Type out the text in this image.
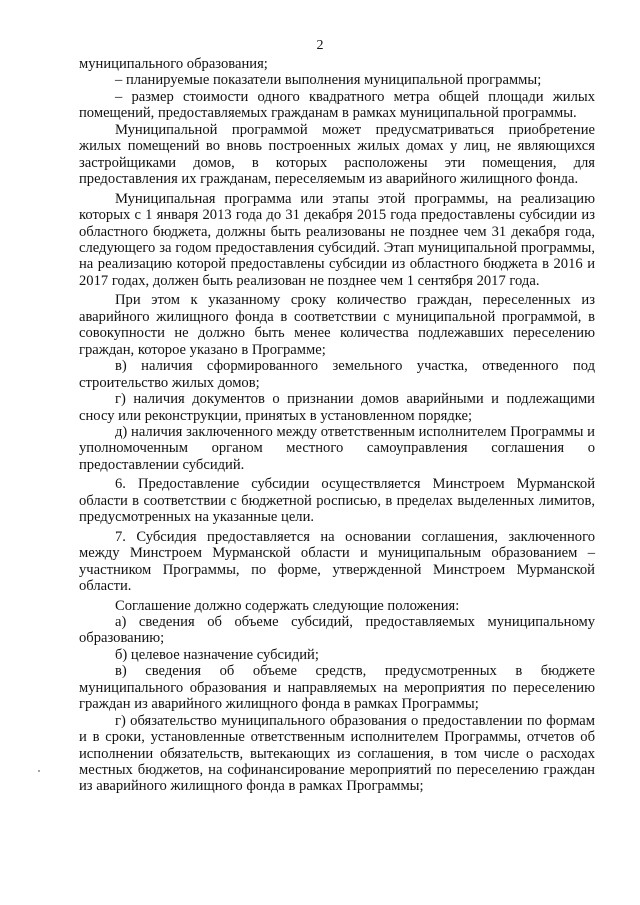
2

муниципального образования;

– планируемые показатели выполнения муниципальной программы;

– размер стоимости одного квадратного метра общей площади жилых помещений, предоставляемых гражданам в рамках муниципальной программы.

Муниципальной программой может предусматриваться приобретение жилых помещений во вновь построенных жилых домах у лиц, не являющихся застройщиками домов, в которых расположены эти помещения, для предоставления их гражданам, переселяемым из аварийного жилищного фонда.

Муниципальная программа или этапы этой программы, на реализацию которых с 1 января 2013 года до 31 декабря 2015 года предоставлены субсидии из областного бюджета, должны быть реализованы не позднее чем 31 декабря года, следующего за годом предоставления субсидий. Этап муниципальной программы, на реализацию которой предоставлены субсидии из областного бюджета в 2016 и 2017 годах, должен быть реализован не позднее чем 1 сентября 2017 года.

При этом к указанному сроку количество граждан, переселенных из аварийного жилищного фонда в соответствии с муниципальной программой, в совокупности не должно быть менее количества подлежавших переселению граждан, которое указано в Программе;

в) наличия сформированного земельного участка, отведенного под строительство жилых домов;

г) наличия документов о признании домов аварийными и подлежащими сносу или реконструкции, принятых в установленном порядке;

д) наличия заключенного между ответственным исполнителем Программы и уполномоченным органом местного самоуправления соглашения о предоставлении субсидий.

6. Предоставление субсидии осуществляется Минстроем Мурманской области в соответствии с бюджетной росписью, в пределах выделенных лимитов, предусмотренных на указанные цели.

7. Субсидия предоставляется на основании соглашения, заключенного между Минстроем Мурманской области и муниципальным образованием – участником Программы, по форме, утвержденной Минстроем Мурманской области.

Соглашение должно содержать следующие положения:

а) сведения об объеме субсидий, предоставляемых муниципальному образованию;

б) целевое назначение субсидий;

в) сведения об объеме средств, предусмотренных в бюджете муниципального образования и направляемых на мероприятия по переселению граждан из аварийного жилищного фонда в рамках Программы;

г) обязательство муниципального образования о предоставлении по формам и в сроки, установленные ответственным исполнителем Программы, отчетов об исполнении обязательств, вытекающих из соглашения, в том числе о расходах местных бюджетов, на софинансирование мероприятий по переселению граждан из аварийного жилищного фонда в рамках Программы;
